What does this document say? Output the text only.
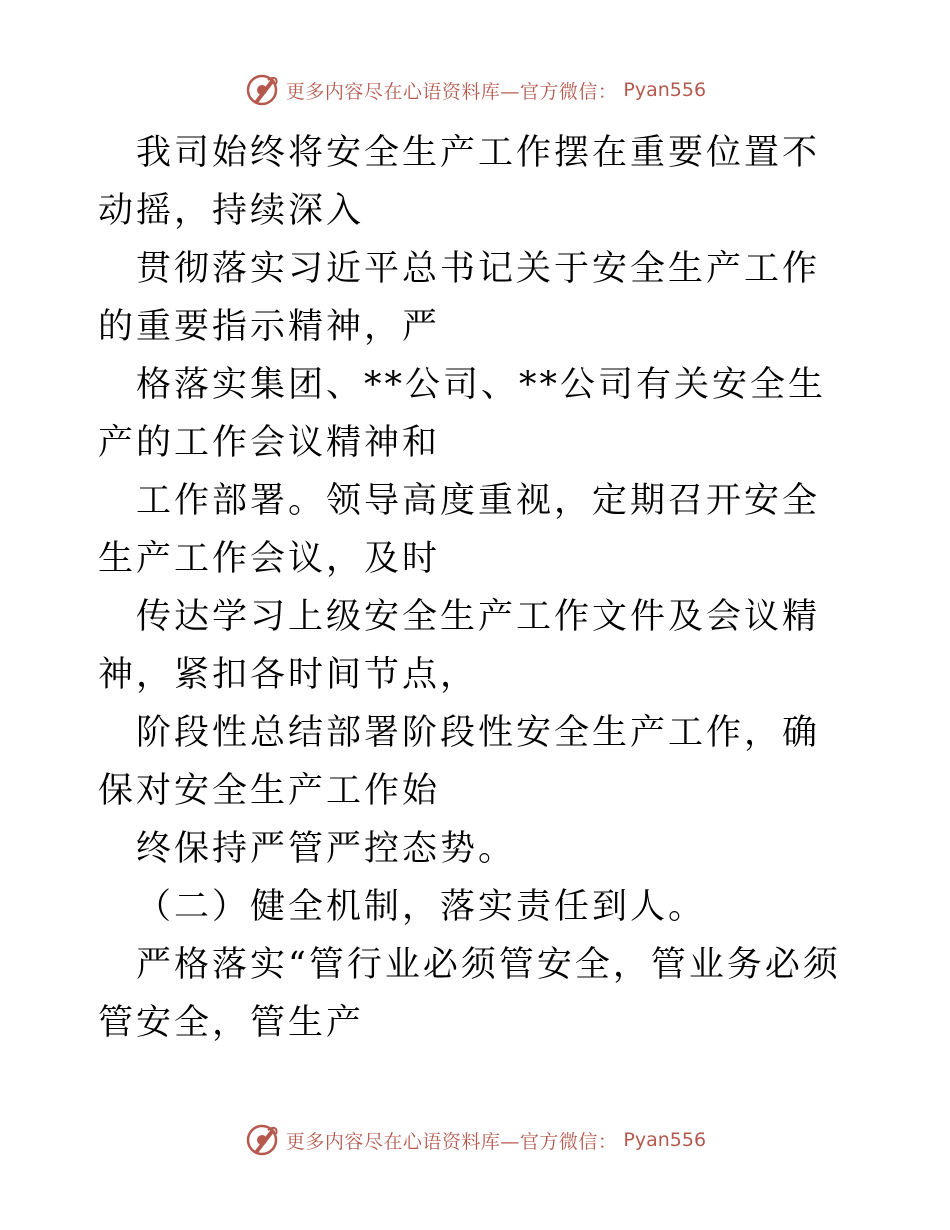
更多内容尽在心语资料库—官方微信： Pyan556

我司始终将安全生产工作摆在重要位置不动摇，持续深入

贯彻落实习近平总书记关于安全生产工作的重要指示精神，严

格落实集团、**公司、**公司有关安全生产的工作会议精神和

工作部署。领导高度重视，定期召开安全生产工作会议，及时

传达学习上级安全生产工作文件及会议精神，紧扣各时间节点，

阶段性总结部署阶段性安全生产工作，确保对安全生产工作始

终保持严管严控态势。

（二）健全机制，落实责任到人。

严格落实“管行业必须管安全，管业务必须管安全，管生产

更多内容尽在心语资料库—官方微信： Pyan556
